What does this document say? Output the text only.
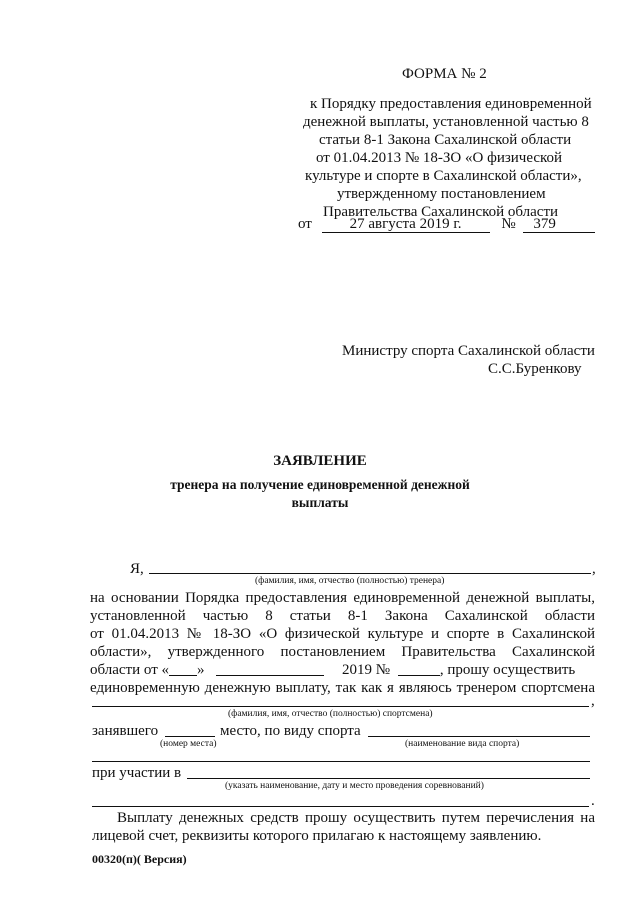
ФОРМА № 2
к Порядку предоставления единовременной
денежной выплаты, установленной частью 8
статьи 8-1 Закона Сахалинской области
от 01.04.2013 № 18-ЗО «О физической
культуре и спорте в Сахалинской области»,
утвержденному постановлением
Правительства Сахалинской области
от	27 августа 2019 г.	№ 379
Министру спорта Сахалинской области
С.С.Буренкову
ЗАЯВЛЕНИЕ
тренера на получение единовременной денежной
выплаты
Я,	,
(фамилия, имя, отчество (полностью) тренера)
на основании Порядка предоставления единовременной денежной выплаты,
установленной частью 8 статьи 8-1 Закона Сахалинской области
от 01.04.2013 № 18-ЗО «О физической культуре и спорте в Сахалинской
области», утвержденного постановлением Правительства Сахалинской
области от « »	2019 №	, прошу осуществить
единовременную денежную выплату, так как я являюсь тренером спортсмена
,
(фамилия, имя, отчество (полностью) спортсмена)
занявшего	место, по виду спорта
(номер места)	(наименование вида спорта)
при участии в
(указать наименование, дату и место проведения соревнований)
.
Выплату денежных средств прошу осуществить путем перечисления на
лицевой счет, реквизиты которого прилагаю к настоящему заявлению.
00320(п)( Версия)
